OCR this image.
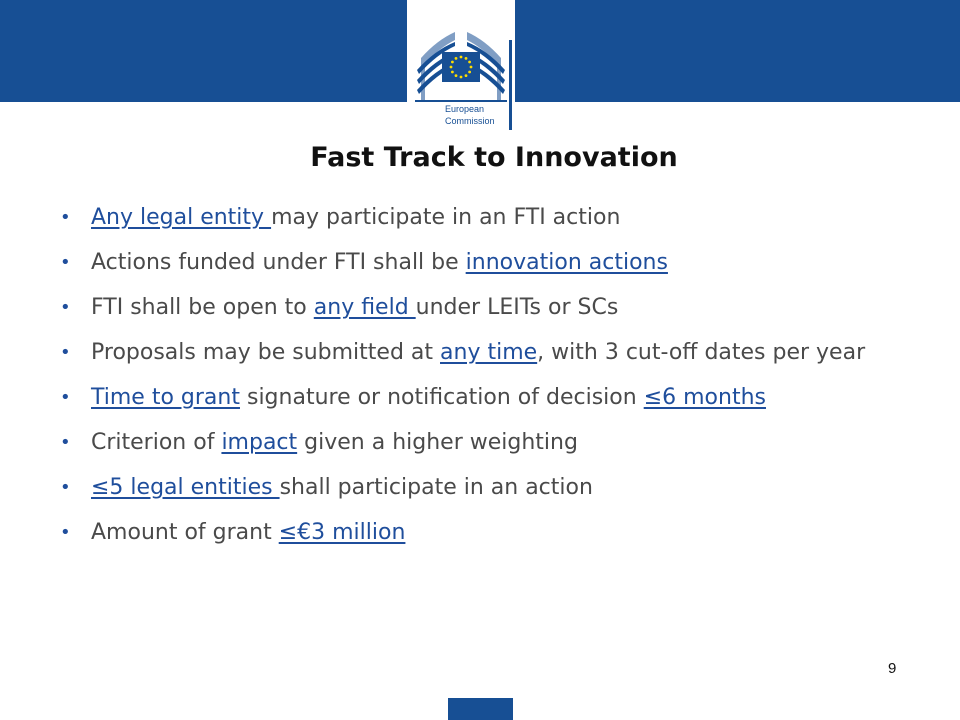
European
Commission
Fast Track to Innovation
• Any legal entity may participate in an FTI action
• Actions funded under FTI shall be innovation actions
• FTI shall be open to any field under LEITs or SCs
• Proposals may be submitted at any time, with 3 cut-off dates per year
• Time to grant signature or notification of decision ≤6 months
• Criterion of impact given a higher weighting
• ≤5 legal entities shall participate in an action
• Amount of grant ≤€3 million
9
